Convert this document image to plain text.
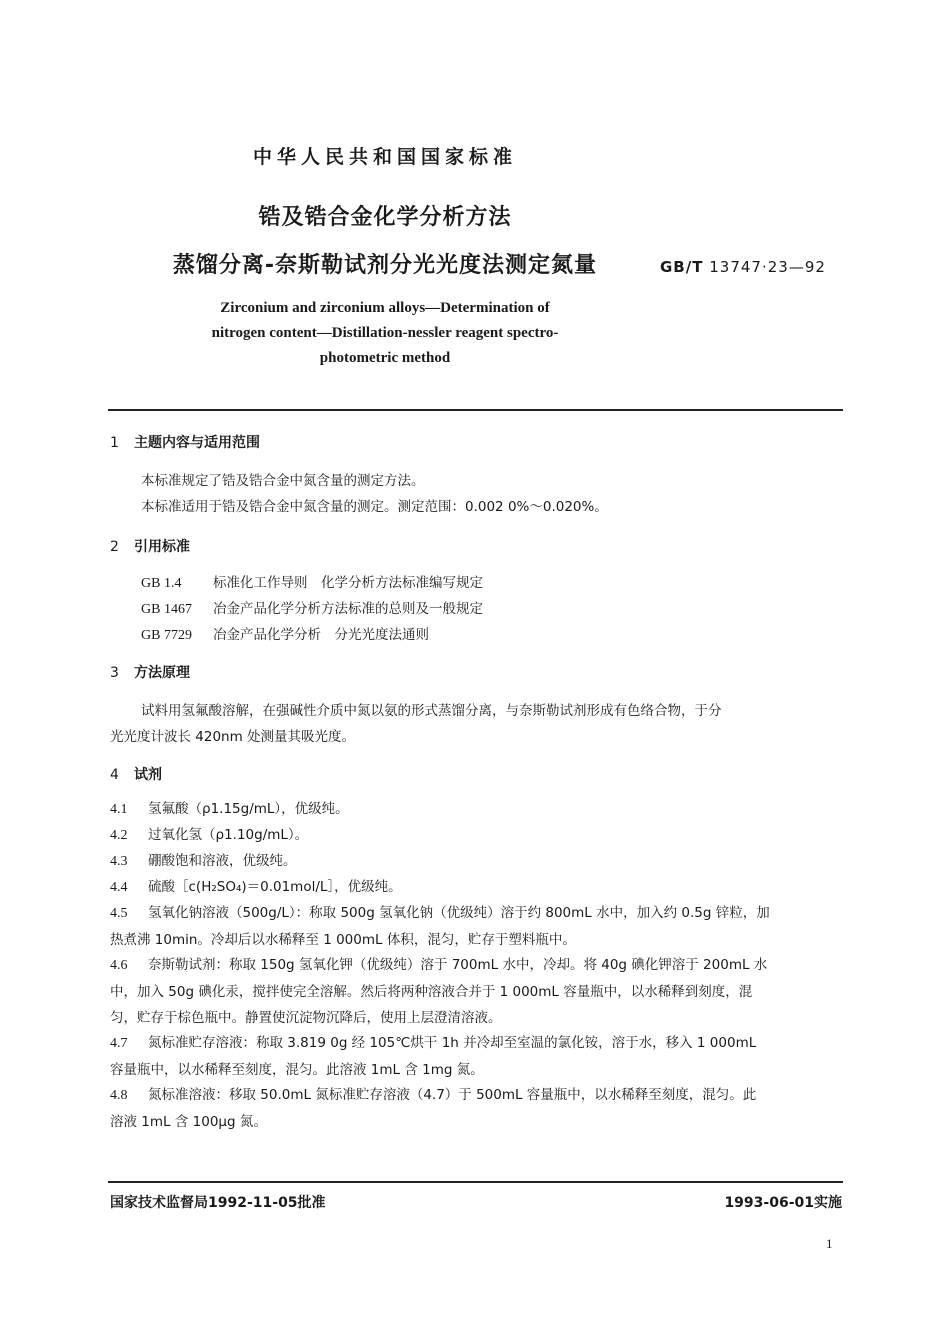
中华人民共和国国家标准
锆及锆合金化学分析方法
蒸馏分离-奈斯勒试剂分光光度法测定氮量	GB/T 13747·23—92
Zirconium and zirconium alloys—Determination of
nitrogen content—Distillation-nessler reagent spectro-
photometric method
1 主题内容与适用范围
本标准规定了锆及锆合金中氮含量的测定方法。
本标准适用于锆及锆合金中氮含量的测定。测定范围：0.002 0%～0.020%。
2 引用标准
GB 1.4 标准化工作导则　化学分析方法标准编写规定
GB 1467 冶金产品化学分析方法标准的总则及一般规定
GB 7729 冶金产品化学分析　分光光度法通则
3 方法原理
试料用氢氟酸溶解，在强碱性介质中氮以氨的形式蒸馏分离，与奈斯勒试剂形成有色络合物，于分
光光度计波长 420nm 处测量其吸光度。
4 试剂
4.1 氢氟酸（ρ1.15g/mL），优级纯。
4.2 过氧化氢（ρ1.10g/mL）。
4.3 硼酸饱和溶液，优级纯。
4.4 硫酸［c(H₂SO₄)＝0.01mol/L］，优级纯。
4.5 氢氧化钠溶液（500g/L）：称取 500g 氢氧化钠（优级纯）溶于约 800mL 水中，加入约 0.5g 锌粒，加
热煮沸 10min。冷却后以水稀释至 1 000mL 体积，混匀，贮存于塑料瓶中。
4.6 奈斯勒试剂：称取 150g 氢氧化钾（优级纯）溶于 700mL 水中，冷却。将 40g 碘化钾溶于 200mL 水
中，加入 50g 碘化汞，搅拌使完全溶解。然后将两种溶液合并于 1 000mL 容量瓶中，以水稀释到刻度，混
匀，贮存于棕色瓶中。静置使沉淀物沉降后，使用上层澄清溶液。
4.7 氮标准贮存溶液：称取 3.819 0g 经 105℃烘干 1h 并冷却至室温的氯化铵，溶于水，移入 1 000mL
容量瓶中，以水稀释至刻度，混匀。此溶液 1mL 含 1mg 氮。
4.8 氮标准溶液：移取 50.0mL 氮标准贮存溶液（4.7）于 500mL 容量瓶中，以水稀释至刻度，混匀。此
溶液 1mL 含 100μg 氮。
国家技术监督局1992-11-05批准	1993-06-01实施
1
